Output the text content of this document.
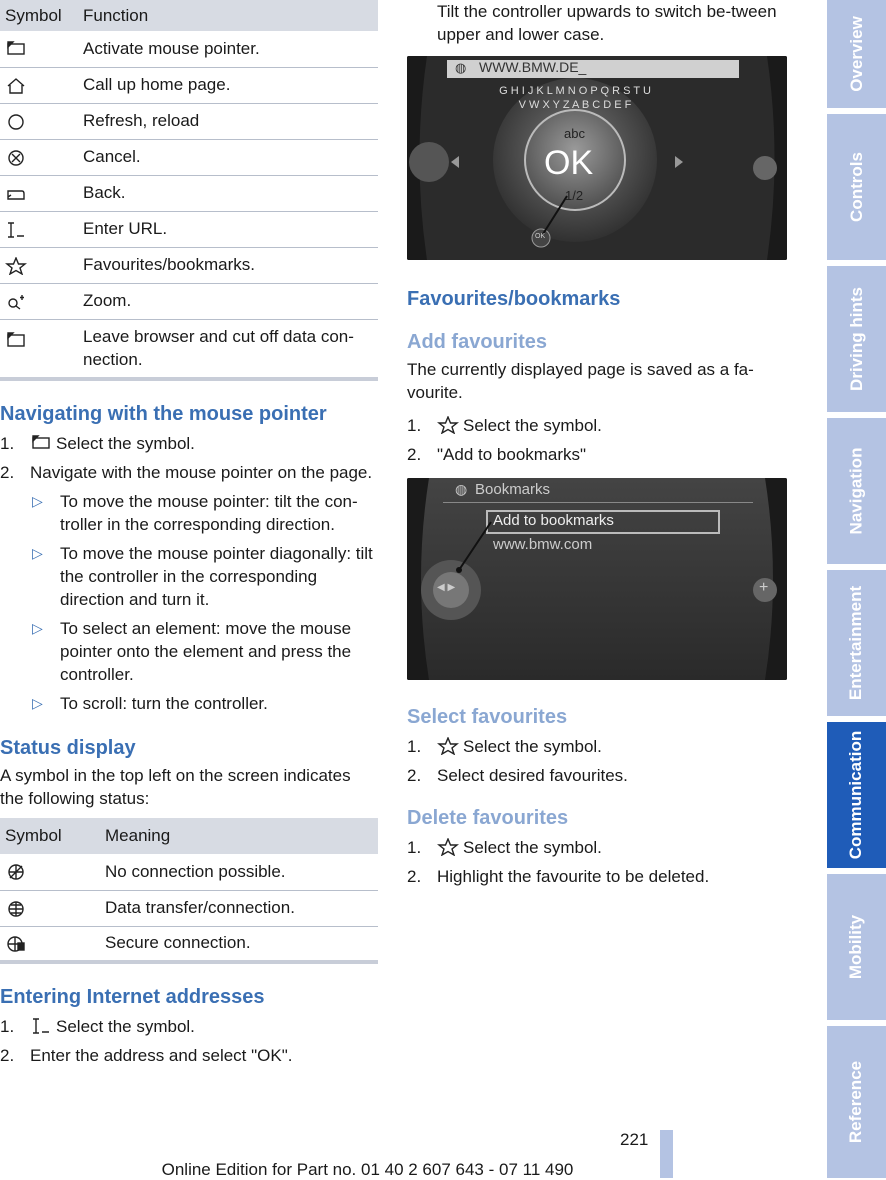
Symbol	Function
	Activate mouse pointer.
	Call up home page.
	Refresh, reload
	Cancel.
	Back.
	Enter URL.
	Favourites/bookmarks.
	Zoom.
	Leave browser and cut off data con-nection.
Navigating with the mouse pointer
1. Select the symbol.
2. Navigate with the mouse pointer on the page.
▷ To move the mouse pointer: tilt the con-troller in the corresponding direction.
▷ To move the mouse pointer diagonally: tilt the controller in the corresponding direction and turn it.
▷ To select an element: move the mouse pointer onto the element and press the controller.
▷ To scroll: turn the controller.
Status display

A symbol in the top left on the screen indicates the following status:

Symbol	Meaning
	No connection possible.
	Data transfer/connection.
	Secure connection.
Entering Internet addresses
1. Select the symbol.
2. Enter the address and select "OK".

Tilt the controller upwards to switch be-tween upper and lower case.

◍ WWW.BMW.DE_
G H I J K L M N O P Q R S T U V W X Y Z A B C D E F
abc
OK
1/2
OK
Favourites/bookmarks
Add favourites

The currently displayed page is saved as a fa-vourite.

1. Select the symbol.
2. "Add to bookmarks"
◍ Bookmarks
Add to bookmarks
www.bmw.com
◀ ▶	+
Select favourites
1. Select the symbol.
2. Select desired favourites.
Delete favourites
1. Select the symbol.
2. Highlight the favourite to be deleted.
Overview
Controls
Driving hints
Navigation
Entertainment
Communication
Mobility
Reference
221
Online Edition for Part no. 01 40 2 607 643 - 07 11 490
